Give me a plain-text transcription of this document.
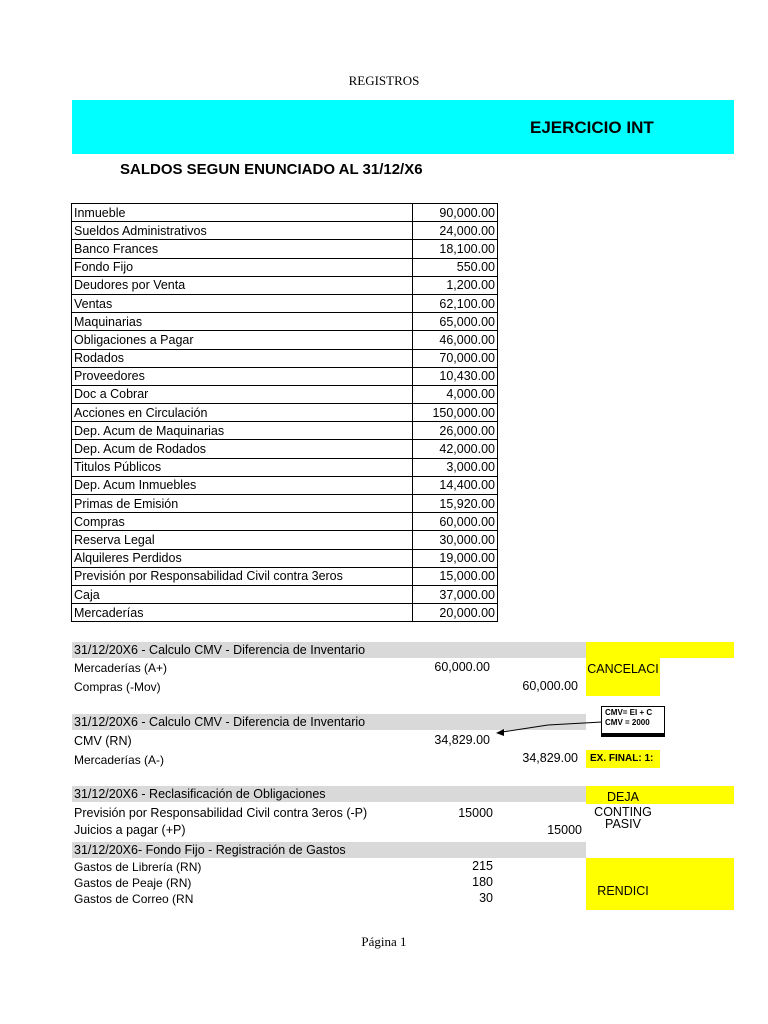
REGISTROS
EJERCICIO INT
SALDOS SEGUN ENUNCIADO AL 31/12/X6
Inmueble	90,000.00
Sueldos Administrativos	24,000.00
Banco Frances	18,100.00
Fondo Fijo	550.00
Deudores por Venta	1,200.00
Ventas	62,100.00
Maquinarias	65,000.00
Obligaciones a Pagar	46,000.00
Rodados	70,000.00
Proveedores	10,430.00
Doc a Cobrar	4,000.00
Acciones en Circulación	150,000.00
Dep. Acum de Maquinarias	26,000.00
Dep. Acum de Rodados	42,000.00
Titulos Públicos	3,000.00
Dep. Acum Inmuebles	14,400.00
Primas de Emisión	15,920.00
Compras	60,000.00
Reserva Legal	30,000.00
Alquileres Perdidos	19,000.00
Previsión por Responsabilidad Civil contra 3eros	15,000.00
Caja	37,000.00
Mercaderías	20,000.00
31/12/20X6 - Calculo CMV - Diferencia de Inventario
CANCELACI
Mercaderías (A+)	60,000.00
Compras (-Mov)	60,000.00
31/12/20X6 - Calculo CMV - Diferencia de Inventario
CMV= EI + C
CMV = 2000
CMV (RN)	34,829.00
Mercaderías (A-)	34,829.00	EX. FINAL: 1:
31/12/20X6 - Reclasificación de Obligaciones	DEJA
CONTING
PASIV
Previsión por Responsabilidad Civil contra 3eros (-P)	15000
Juicios a pagar (+P)	15000
31/12/20X6- Fondo Fijo - Registración de Gastos
RENDICI
Gastos de Librería (RN)	215
Gastos de Peaje (RN)	180
Gastos de Correo (RN	30
Página 1
